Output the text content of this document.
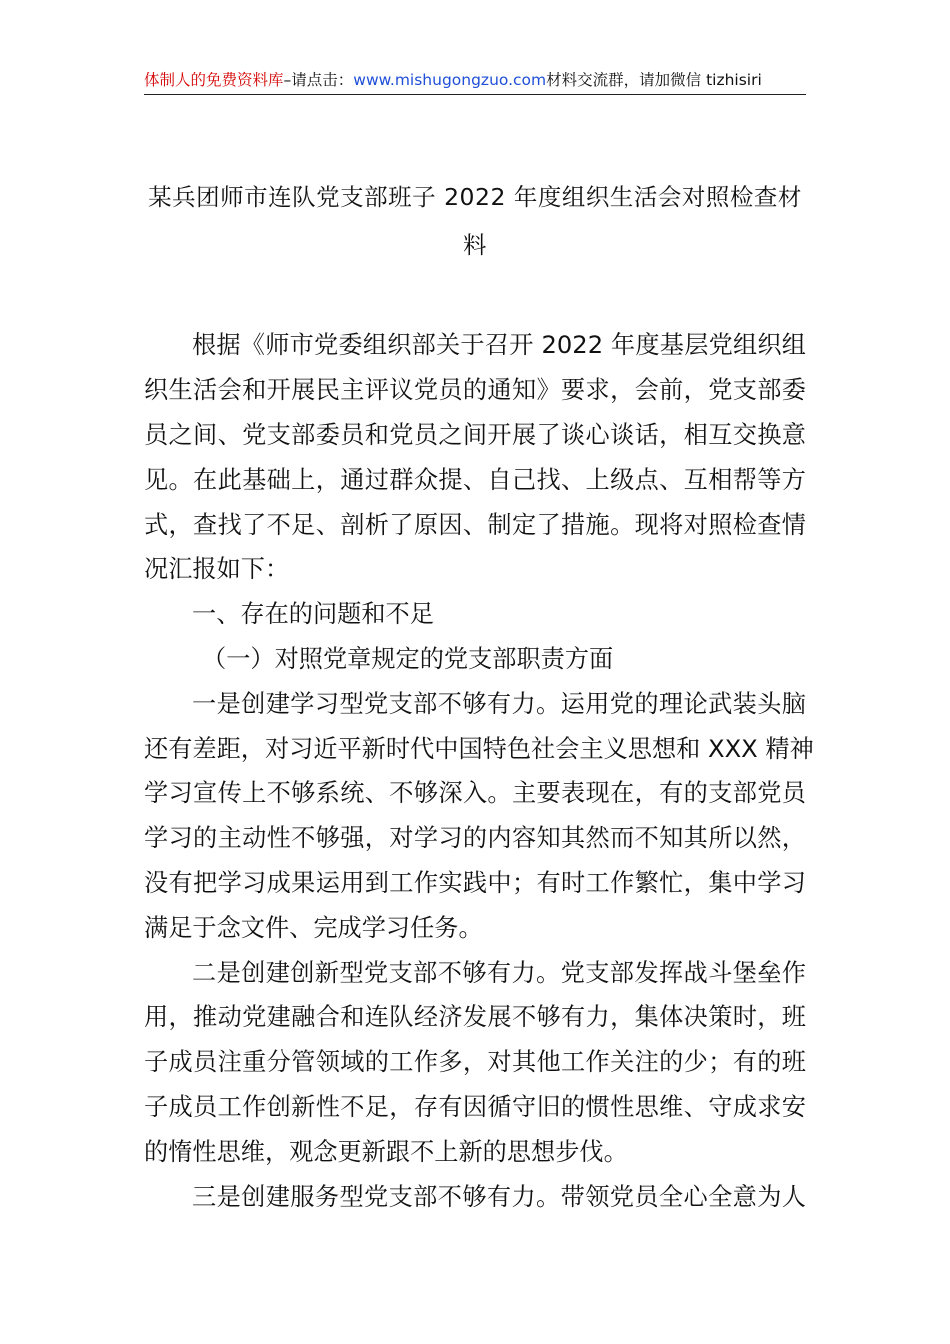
体制人的免费资料库–请点击：www.mishugongzuo.com材料交流群，请加微信 tizhisiri
某兵团师市连队党支部班子 2022 年度组织生活会对照检查材
料
根据《师市党委组织部关于召开 2022 年度基层党组织组
织生活会和开展民主评议党员的通知》要求，会前，党支部委
员之间、党支部委员和党员之间开展了谈心谈话，相互交换意
见。在此基础上，通过群众提、自己找、上级点、互相帮等方
式，查找了不足、剖析了原因、制定了措施。现将对照检查情
况汇报如下：
一、存在的问题和不足
（一）对照党章规定的党支部职责方面
一是创建学习型党支部不够有力。运用党的理论武装头脑
还有差距，对习近平新时代中国特色社会主义思想和 XXX 精神
学习宣传上不够系统、不够深入。主要表现在，有的支部党员
学习的主动性不够强，对学习的内容知其然而不知其所以然，
没有把学习成果运用到工作实践中；有时工作繁忙，集中学习
满足于念文件、完成学习任务。
二是创建创新型党支部不够有力。党支部发挥战斗堡垒作
用，推动党建融合和连队经济发展不够有力，集体决策时，班
子成员注重分管领域的工作多，对其他工作关注的少；有的班
子成员工作创新性不足，存有因循守旧的惯性思维、守成求安
的惰性思维，观念更新跟不上新的思想步伐。
三是创建服务型党支部不够有力。带领党员全心全意为人
